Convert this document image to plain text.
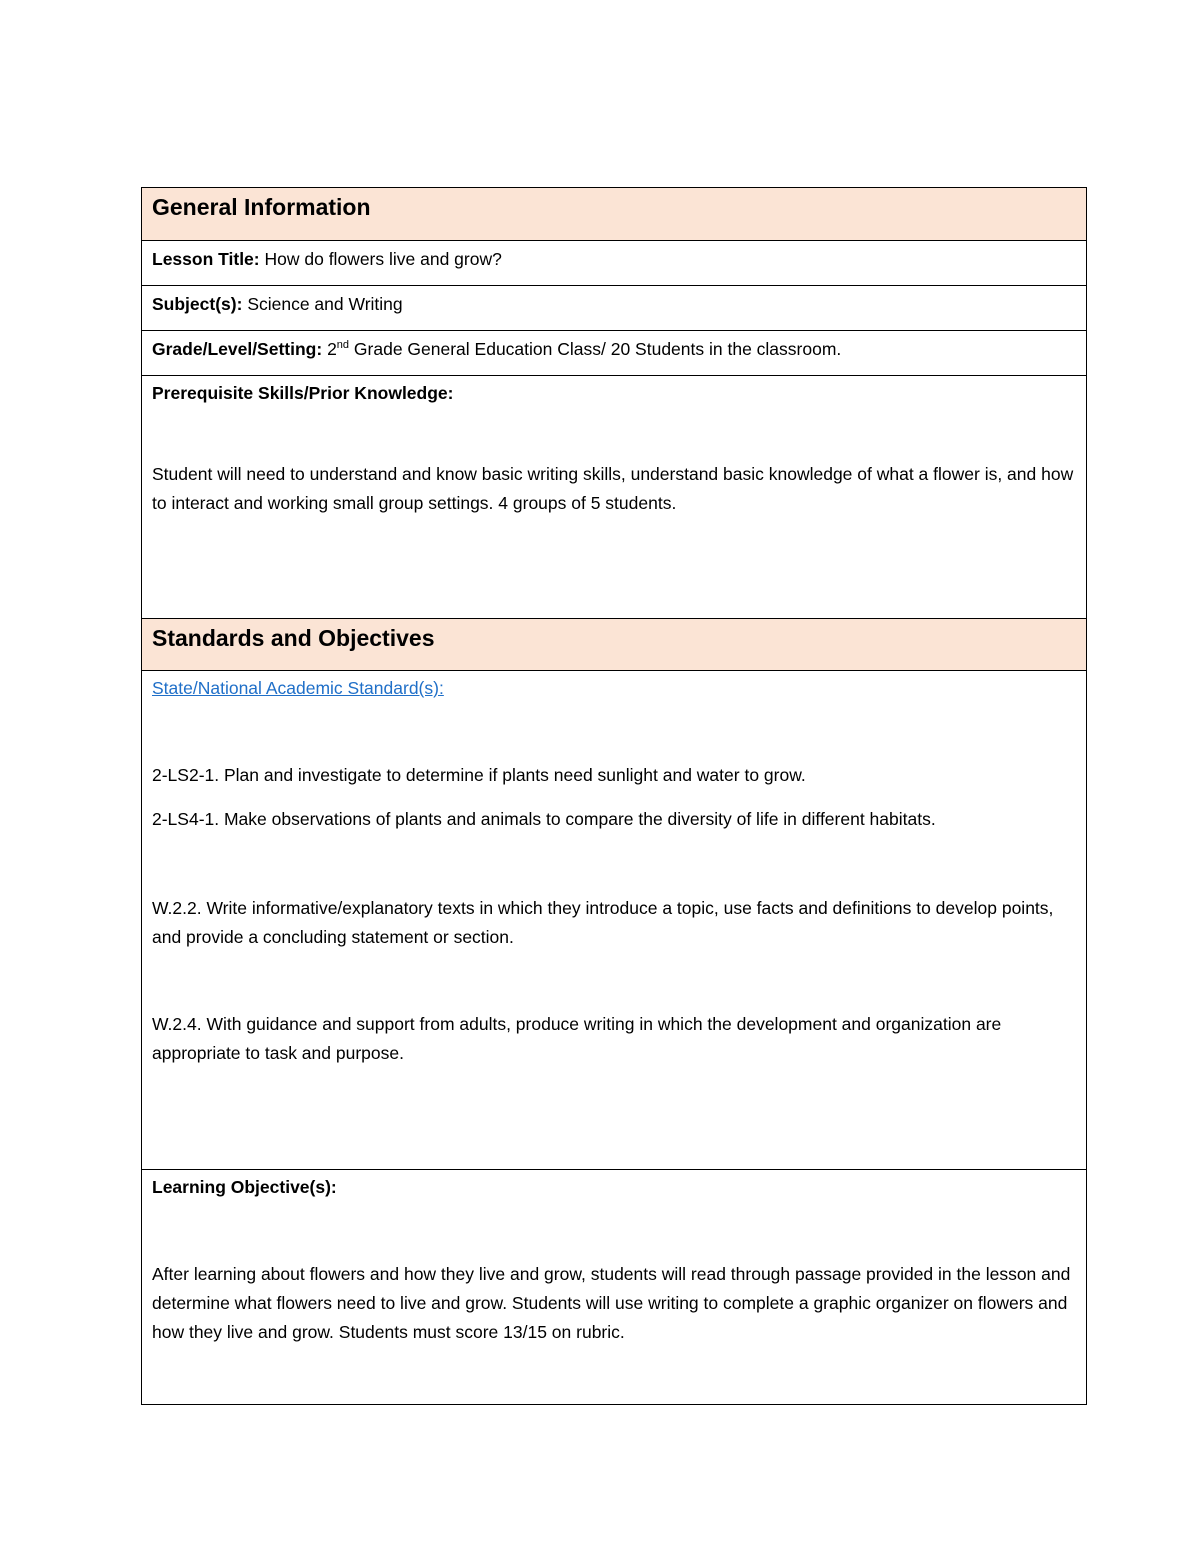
General Information
Lesson Title: How do flowers live and grow?
Subject(s): Science and Writing
Grade/Level/Setting: 2nd Grade General Education Class/ 20 Students in the classroom.

Prerequisite Skills/Prior Knowledge:

Student will need to understand and know basic writing skills, understand basic knowledge of what a flower is, and how to interact and working small group settings. 4 groups of 5 students.

Standards and Objectives

State/National Academic Standard(s):

2-LS2-1. Plan and investigate to determine if plants need sunlight and water to grow.

2-LS4-1. Make observations of plants and animals to compare the diversity of life in different habitats.

W.2.2. Write informative/explanatory texts in which they introduce a topic, use facts and definitions to develop points, and provide a concluding statement or section.

W.2.4. With guidance and support from adults, produce writing in which the development and organization are appropriate to task and purpose.

Learning Objective(s):

After learning about flowers and how they live and grow, students will read through passage provided in the lesson and determine what flowers need to live and grow. Students will use writing to complete a graphic organizer on flowers and how they live and grow. Students must score 13/15 on rubric.
